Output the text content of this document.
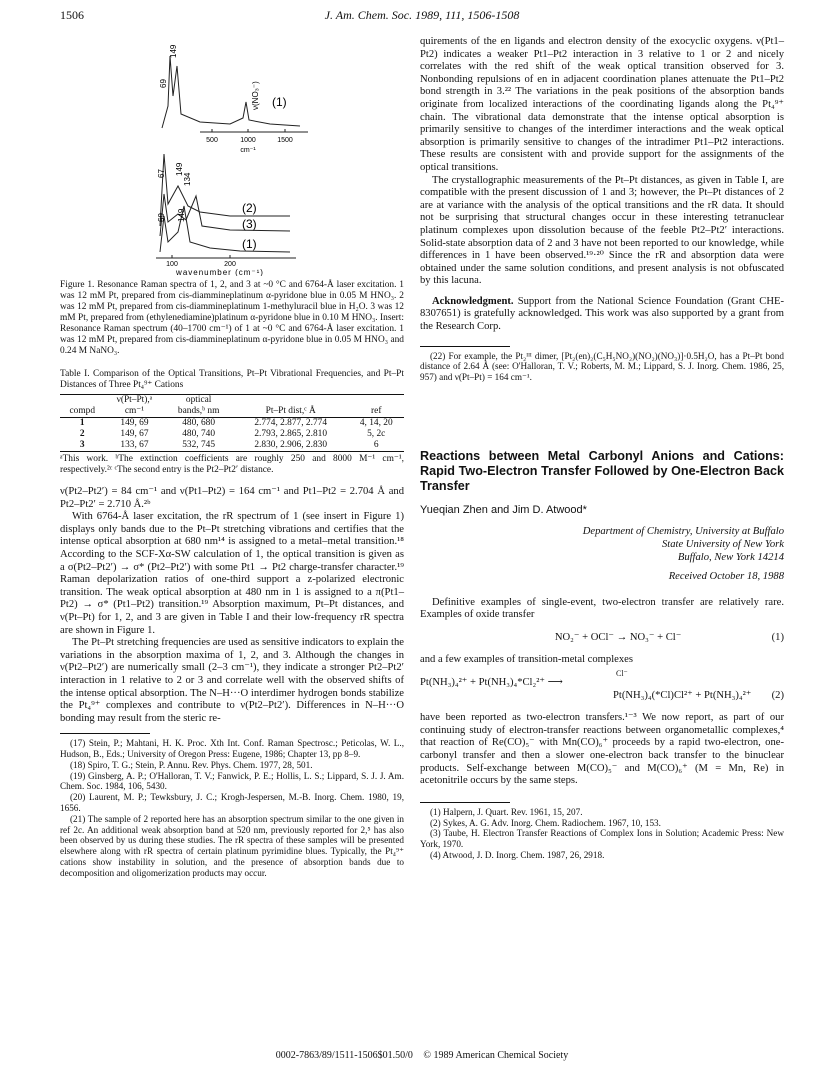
1506	J. Am. Chem. Soc. 1989, 111, 1506-1508
500	1000	1500
cm⁻¹
69
149
ν(NO₃⁻) (1)
69
67 134
149
149
(2)
(3)
(1)
100	200
wavenumber (cm⁻¹)

Figure 1. Resonance Raman spectra of 1, 2, and 3 at ~0 °C and 6764-Å laser excitation. 1 was 12 mM Pt, prepared from cis-diammineplatinum α-pyridone blue in 0.05 M HNO₃. 2 was 12 mM Pt, prepared from cis-diammineplatinum 1-methyluracil blue in H₂O. 3 was 12 mM Pt, prepared from (ethylenediamine)platinum α-pyridone blue in 0.10 M HNO₃. Insert: Resonance Raman spectrum (40–1700 cm⁻¹) of 1 at ~0 °C and 6764-Å laser excitation. 1 was 12 mM Pt, prepared from cis-diammineplatinum α-pyridone blue in 0.05 M HNO₃ and 0.24 M NaNO₃.

Table I. Comparison of the Optical Transitions, Pt–Pt Vibrational Frequencies, and Pt–Pt Distances of Three Pt₄⁹⁺ Cations

	ν(Pt–Pt),ᵃ	optical		
compd	cm⁻¹	bands,ᵇ nm	Pt–Pt dist,ᶜ Å	ref
1	149, 69	480, 680	2.774, 2.877, 2.774	4, 14, 20
2	149, 67	480, 740	2.793, 2.865, 2.810	5, 2c
3	133, 67	532, 745	2.830, 2.906, 2.830	6

ᵃThis work. ᵇThe extinction coefficients are roughly 250 and 8000 M⁻¹ cm⁻¹, respectively.²ᶜ ᶜThe second entry is the Pt2–Pt2′ distance.

ν(Pt2–Pt2′) = 84 cm⁻¹ and ν(Pt1–Pt2) = 164 cm⁻¹ and Pt1–Pt2 = 2.704 Å and Pt2–Pt2′ = 2.710 Å.²ᵇ

With 6764-Å laser excitation, the rR spectrum of 1 (see insert in Figure 1) displays only bands due to the Pt–Pt stretching vibrations and certifies that the intense optical absorption at 680 nm¹⁴ is assigned to a metal–metal transition.¹⁸ According to the SCF-Xα-SW calculation of 1, the optical transition is given as a σ(Pt2–Pt2′) → σ* (Pt2–Pt2′) with some Pt1 → Pt2 charge-transfer character.¹⁹ Raman depolarization ratios of one-third support a z-polarized electronic transition. The weak optical absorption at 480 nm in 1 is assigned to a π(Pt1–Pt2) → σ* (Pt1–Pt2) transition.¹⁹ Absorption maximum, Pt–Pt distances, and ν(Pt–Pt) for 1, 2, and 3 are given in Table I and their low-frequency rR spectra are shown in Figure 1.

The Pt–Pt stretching frequencies are used as sensitive indicators to explain the variations in the absorption maxima of 1, 2, and 3. Although the changes in ν(Pt2–Pt2′) are numerically small (2–3 cm⁻¹), they indicate a stronger Pt2–Pt2′ interaction in 1 relative to 2 or 3 and correlate well with the observed shifts of the intense optical absorption. The N–H···O interdimer hydrogen bonds stabilize the Pt₄⁹⁺ complexes and contribute to ν(Pt2–Pt2′). Differences in N–H···O bonding may result from the steric re-

(17) Stein, P.; Mahtani, H. K. Proc. Xth Int. Conf. Raman Spectrosc.; Peticolas, W. L., Hudson, B., Eds.; University of Oregon Press: Eugene, 1986; Chapter 13, pp 8–9.

(18) Spiro, T. G.; Stein, P. Annu. Rev. Phys. Chem. 1977, 28, 501.

(19) Ginsberg, A. P.; O'Halloran, T. V.; Fanwick, P. E.; Hollis, L. S.; Lippard, S. J. J. Am. Chem. Soc. 1984, 106, 5430.

(20) Laurent, M. P.; Tewksbury, J. C.; Krogh-Jespersen, M.-B. Inorg. Chem. 1980, 19, 1656.

(21) The sample of 2 reported here has an absorption spectrum similar to the one given in ref 2c. An additional weak absorption band at 520 nm, previously reported for 2,⁵ has also been observed by us during these studies. The rR spectra of these samples will be presented elsewhere along with rR spectra of certain platinum pyrimidine blues. Typically, the Pt₄⁹⁺ cations show instability in solution, and the presence of absorption bands due to decomposition and oligomerization products may occur.

quirements of the en ligands and electron density of the exocyclic oxygens. ν(Pt1–Pt2) indicates a weaker Pt1–Pt2 interaction in 3 relative to 1 or 2 and nicely correlates with the red shift of the weak optical transition observed for 3. Nonbonding repulsions of en in adjacent coordination planes attenuate the Pt1–Pt2 bond strength in 3.²² The variations in the peak positions of the absorption bands originate from localized interactions of the coordinating ligands along the Pt₄⁹⁺ chain. The vibrational data demonstrate that the intense optical absorption is primarily sensitive to changes of the interdimer interactions and the weak optical absorption is primarily sensitive to changes of the intradimer Pt1–Pt2 interactions. These results are consistent with and provide support for the assignments of the optical transitions.

The crystallographic measurements of the Pt–Pt distances, as given in Table I, are compatible with the present discussion of 1 and 3; however, the Pt–Pt distances of 2 are at variance with the analysis of the optical transitions and the rR data. It should not be surprising that structural changes occur in these interesting tetranuclear platinum complexes upon dissolution because of the feeble Pt2–Pt2′ interactions. Solid-state absorption data of 2 and 3 have not been reported to our knowledge, while differences in 1 have been observed.¹⁹·²⁰ Since the rR and absorption data were obtained under the same solution conditions, and present analysis is not obfuscated by this lacuna.

Acknowledgment. Support from the National Science Foundation (Grant CHE-8307651) is gratefully acknowledged. This work was also supported by a grant from the Research Corp.

(22) For example, the Pt₂ᴵᴵᴵ dimer, [Pt₂(en)₂(C₅H₅NO₂)(NO₂)(NO₃)]·0.5H₂O, has a Pt–Pt bond distance of 2.64 Å (see: O'Halloran, T. V.; Roberts, M. M.; Lippard, S. J. Inorg. Chem. 1986, 25, 957) and ν(Pt–Pt) = 164 cm⁻¹.

Reactions between Metal Carbonyl Anions and Cations: Rapid Two-Electron Transfer Followed by One-Electron Back Transfer
Yueqian Zhen and Jim D. Atwood*
Department of Chemistry, University at Buffalo
State University of New York
Buffalo, New York 14214
Received October 18, 1988

Definitive examples of single-event, two-electron transfer are relatively rare. Examples of oxide transfer

NO₂⁻ + OCl⁻ → NO₃⁻ + Cl⁻	(1)

and a few examples of transition-metal complexes

Pt(NH₃)₄²⁺ + Pt(NH₃)₄*Cl₂²⁺ ⟶
Cl⁻
Pt(NH₃)₄(*Cl)Cl²⁺ + Pt(NH₃)₄²⁺ (2)

have been reported as two-electron transfers.¹⁻³ We now report, as part of our continuing study of electron-transfer reactions between organometallic complexes,⁴ that reaction of Re(CO)₅⁻ with Mn(CO)₆⁺ proceeds by a rapid two-electron, one-carbonyl transfer and then a slower one-electron back transfer to the binuclear products. Self-exchange between M(CO)₅⁻ and M(CO)₆⁺ (M = Mn, Re) in acetonitrile occurs by the same steps.

(1) Halpern, J. Quart. Rev. 1961, 15, 207.

(2) Sykes, A. G. Adv. Inorg. Chem. Radiochem. 1967, 10, 153.

(3) Taube, H. Electron Transfer Reactions of Complex Ions in Solution; Academic Press: New York, 1970.

(4) Atwood, J. D. Inorg. Chem. 1987, 26, 2918.

0002-7863/89/1511-1506$01.50/0 © 1989 American Chemical Society
